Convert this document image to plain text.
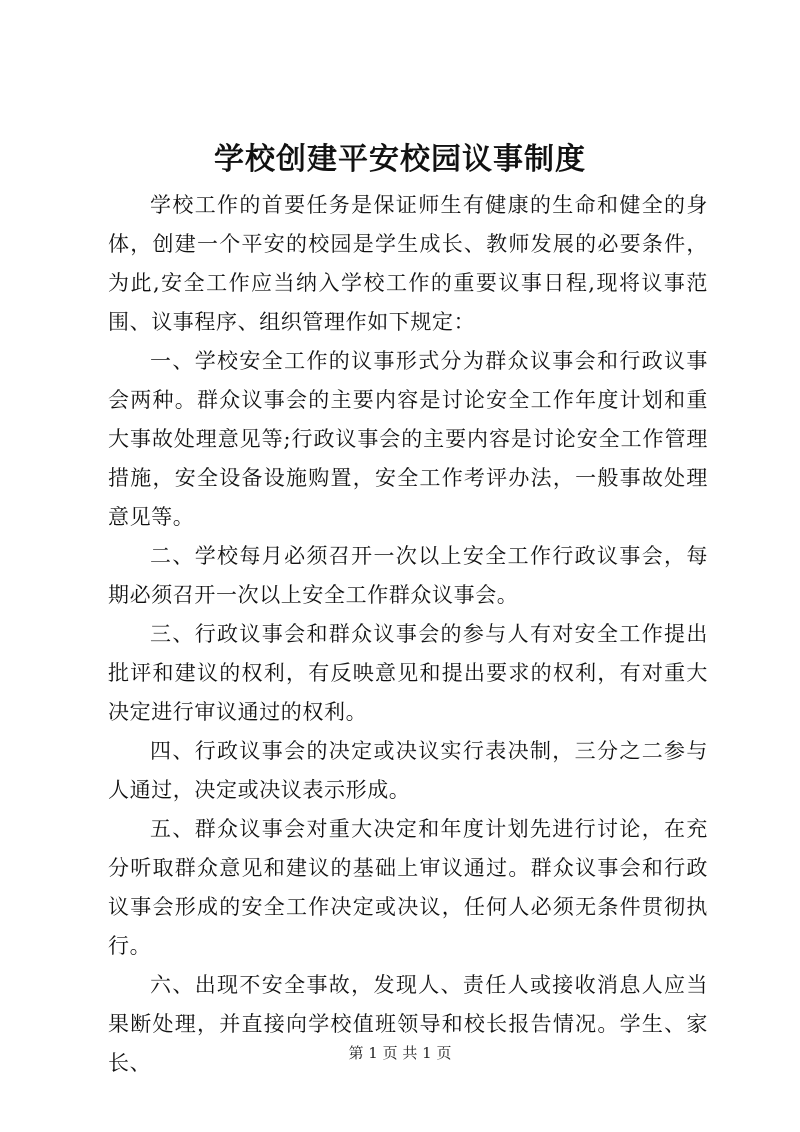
学校创建平安校园议事制度

学校工作的首要任务是保证师生有健康的生命和健全的身体，创建一个平安的校园是学生成长、教师发展的必要条件，为此,安全工作应当纳入学校工作的重要议事日程,现将议事范围、议事程序、组织管理作如下规定：

一、学校安全工作的议事形式分为群众议事会和行政议事会两种。群众议事会的主要内容是讨论安全工作年度计划和重大事故处理意见等;行政议事会的主要内容是讨论安全工作管理措施，安全设备设施购置，安全工作考评办法，一般事故处理意见等。

二、学校每月必须召开一次以上安全工作行政议事会，每期必须召开一次以上安全工作群众议事会。

三、行政议事会和群众议事会的参与人有对安全工作提出批评和建议的权利，有反映意见和提出要求的权利，有对重大决定进行审议通过的权利。

四、行政议事会的决定或决议实行表决制，三分之二参与人通过，决定或决议表示形成。

五、群众议事会对重大决定和年度计划先进行讨论，在充分听取群众意见和建议的基础上审议通过。群众议事会和行政议事会形成的安全工作决定或决议，任何人必须无条件贯彻执行。

六、出现不安全事故，发现人、责任人或接收消息人应当果断处理，并直接向学校值班领导和校长报告情况。学生、家长、	第 1 页 共 1 页
